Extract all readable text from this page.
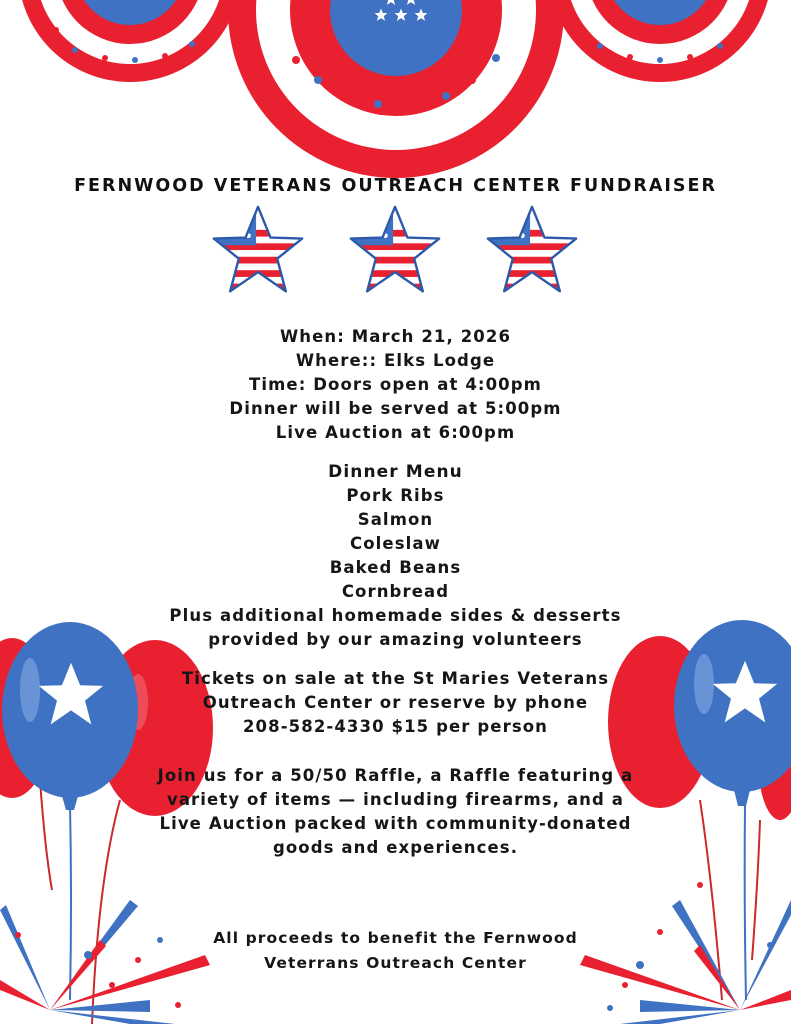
FERNWOOD VETERANS OUTREACH CENTER FUNDRAISER
When: March 21, 2026
Where:: Elks Lodge
Time: Doors open at 4:00pm
Dinner will be served at 5:00pm
Live Auction at 6:00pm
Dinner Menu
Pork Ribs
Salmon
Coleslaw
Baked Beans
Cornbread
Plus additional homemade sides & desserts
provided by our amazing volunteers
Tickets on sale at the St Maries Veterans
Outreach Center or reserve by phone
208-582-4330 $15 per person
Join us for a 50/50 Raffle, a Raffle featuring a
variety of items — including firearms, and a
Live Auction packed with community-donated
goods and experiences.
All proceeds to benefit the Fernwood
Veterrans Outreach Center
